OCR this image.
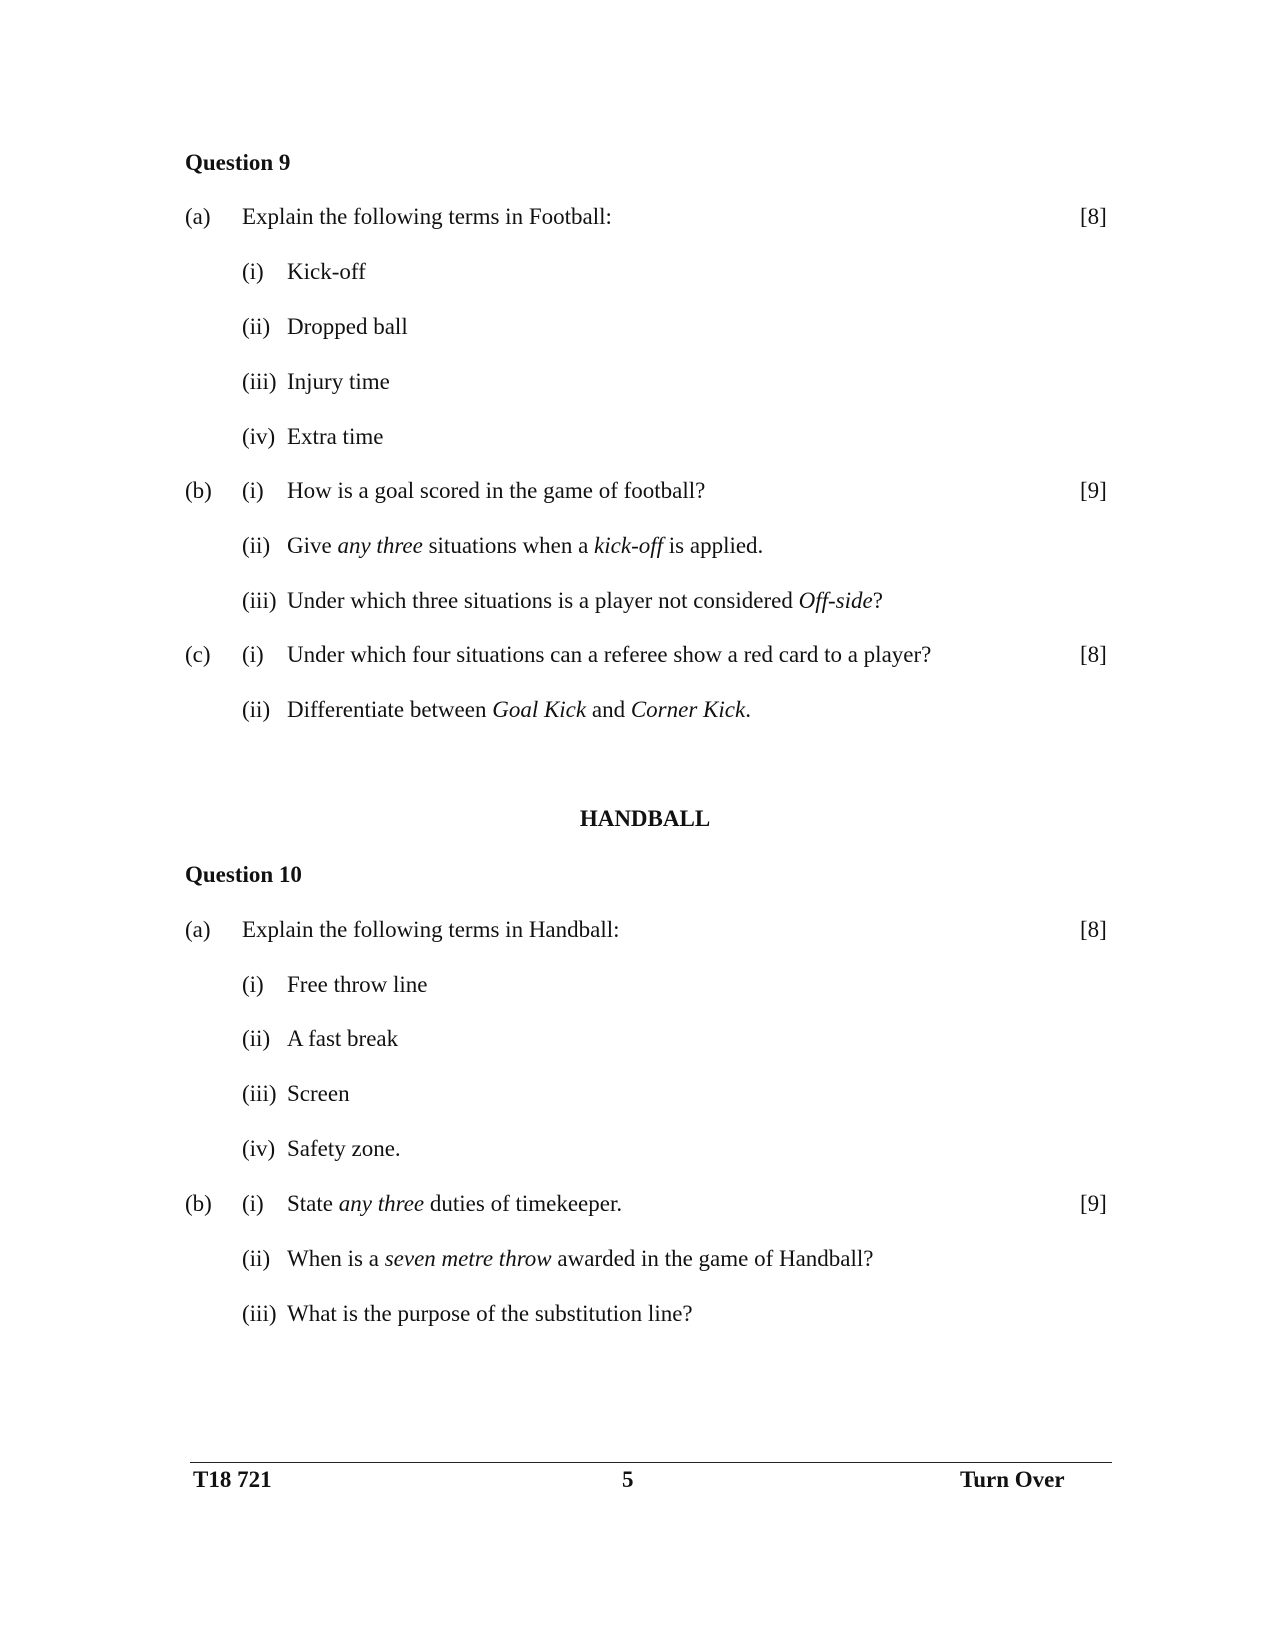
Question 9
(a) Explain the following terms in Football:	[8]
(i) Kick-off
(ii) Dropped ball
(iii) Injury time
(iv) Extra time
(b) (i) How is a goal scored in the game of football?	[9]
(ii) Give any three situations when a kick-off is applied.
(iii) Under which three situations is a player not considered Off-side?
(c) (i) Under which four situations can a referee show a red card to a player?	[8]
(ii) Differentiate between Goal Kick and Corner Kick.
HANDBALL
Question 10
(a) Explain the following terms in Handball:	[8]
(i) Free throw line
(ii) A fast break
(iii) Screen
(iv) Safety zone.
(b) (i) State any three duties of timekeeper.	[9]
(ii) When is a seven metre throw awarded in the game of Handball?
(iii) What is the purpose of the substitution line?
T18 721	5	Turn Over
